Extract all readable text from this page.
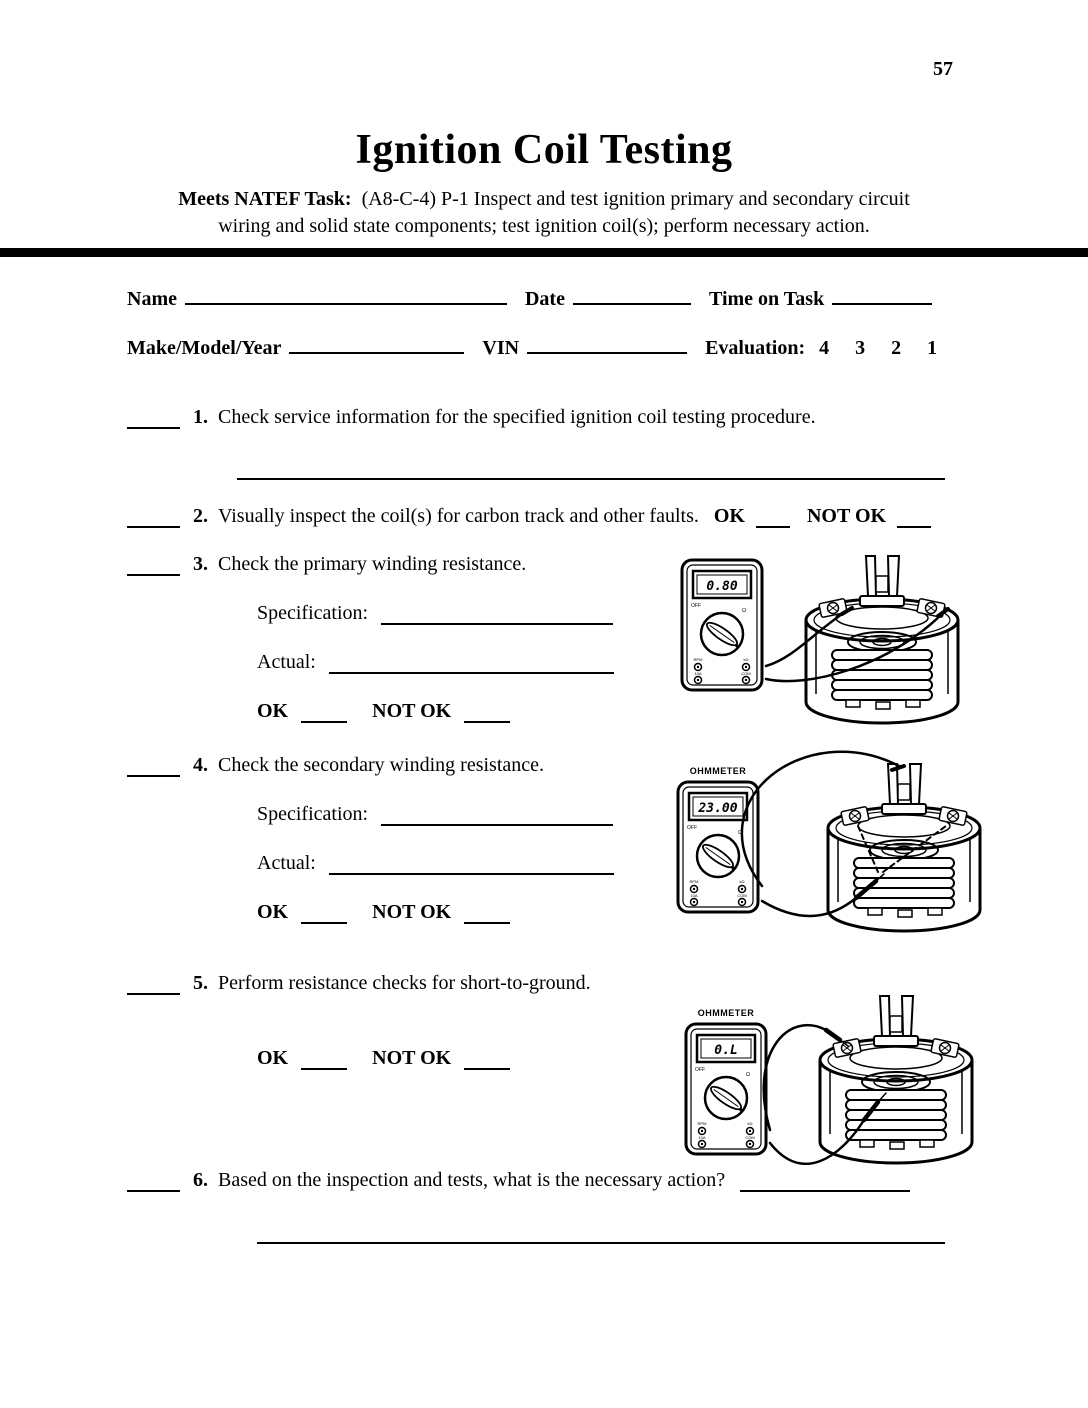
57
Ignition Coil Testing
Meets NATEF Task: (A8-C-4) P-1 Inspect and test ignition primary and secondary circuit
wiring and solid state components; test ignition coil(s); perform necessary action.
Name	Date	Time on Task
Make/Model/Year	VIN	Evaluation: 4 3 2 1
1. Check service information for the specified ignition coil testing procedure.
2. Visually inspect the coil(s) for carbon track and other faults. OK	NOT OK
3. Check the primary winding resistance.
Specification:
Actual:
OK	NOT OK
4. Check the secondary winding resistance.
Specification:
Actual:
OK	NOT OK
5. Perform resistance checks for short-to-ground.
OK	NOT OK
6. Based on the inspection and tests, what is the necessary action?
0.80
OFF
Ω
RPM
10A
kΩ
COM
OHMMETER
23.00
OFF
Ω
RPM
10A
kΩ
COM
OHMMETER
0.L
OFF
Ω
RPM
10A
kΩ
COM
